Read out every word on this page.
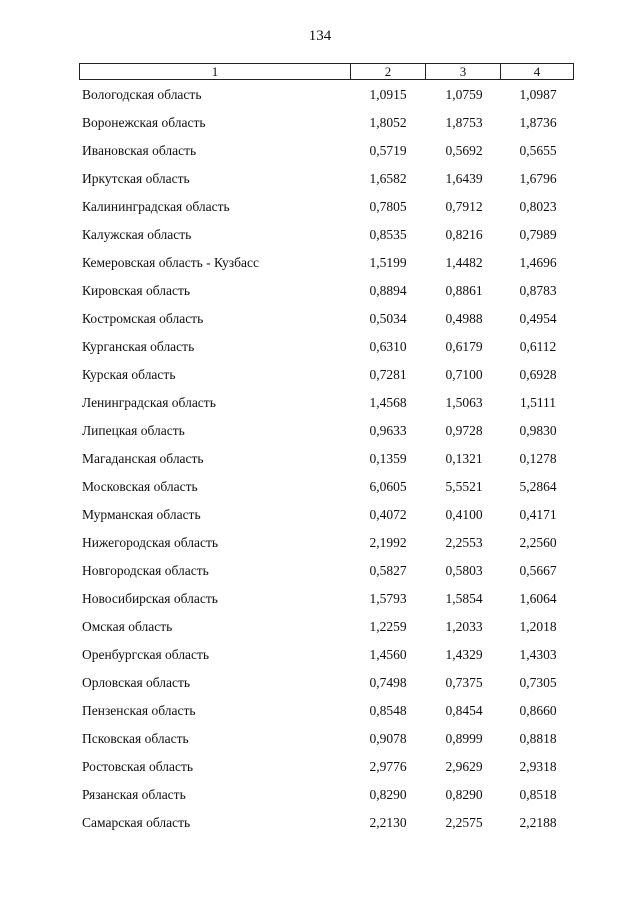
134
1	2	3	4
Вологодская область	1,0915	1,0759	1,0987
Воронежская область	1,8052	1,8753	1,8736
Ивановская область	0,5719	0,5692	0,5655
Иркутская область	1,6582	1,6439	1,6796
Калининградская область	0,7805	0,7912	0,8023
Калужская область	0,8535	0,8216	0,7989
Кемеровская область - Кузбасс	1,5199	1,4482	1,4696
Кировская область	0,8894	0,8861	0,8783
Костромская область	0,5034	0,4988	0,4954
Курганская область	0,6310	0,6179	0,6112
Курская область	0,7281	0,7100	0,6928
Ленинградская область	1,4568	1,5063	1,5111
Липецкая область	0,9633	0,9728	0,9830
Магаданская область	0,1359	0,1321	0,1278
Московская область	6,0605	5,5521	5,2864
Мурманская область	0,4072	0,4100	0,4171
Нижегородская область	2,1992	2,2553	2,2560
Новгородская область	0,5827	0,5803	0,5667
Новосибирская область	1,5793	1,5854	1,6064
Омская область	1,2259	1,2033	1,2018
Оренбургская область	1,4560	1,4329	1,4303
Орловская область	0,7498	0,7375	0,7305
Пензенская область	0,8548	0,8454	0,8660
Псковская область	0,9078	0,8999	0,8818
Ростовская область	2,9776	2,9629	2,9318
Рязанская область	0,8290	0,8290	0,8518
Самарская область	2,2130	2,2575	2,2188
